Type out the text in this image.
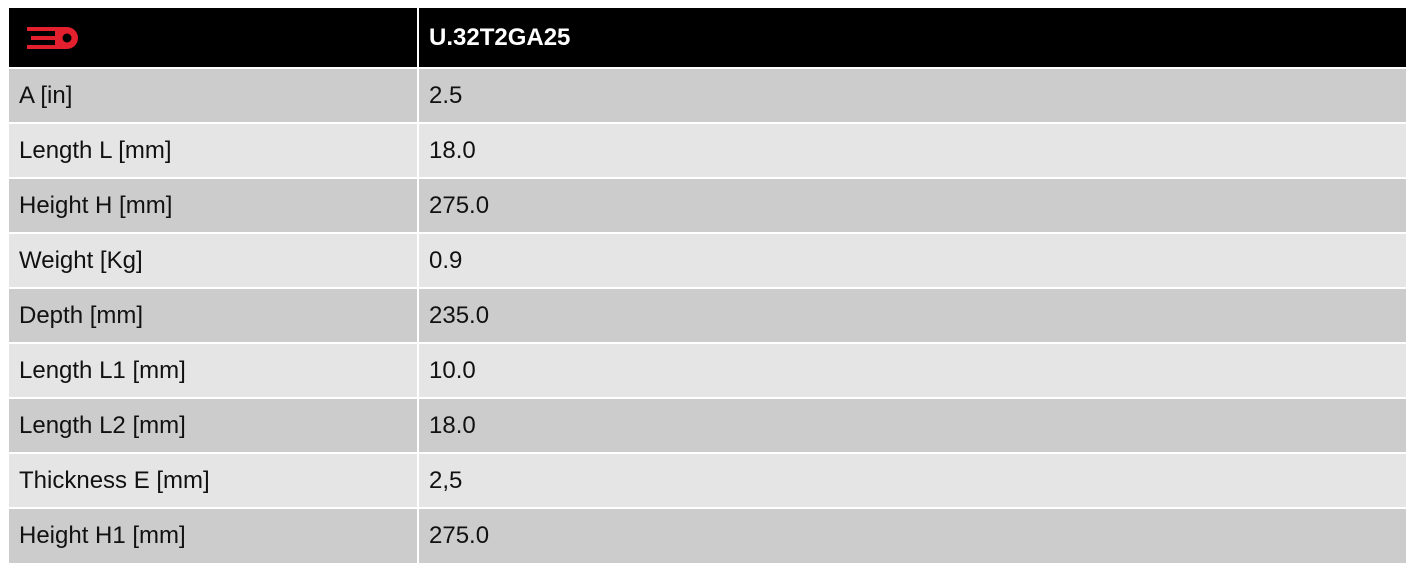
	U.32T2GA25
A [in]	2.5
Length L [mm]	18.0
Height H [mm]	275.0
Weight [Kg]	0.9
Depth [mm]	235.0
Length L1 [mm]	10.0
Length L2 [mm]	18.0
Thickness E [mm]	2,5
Height H1 [mm]	275.0
